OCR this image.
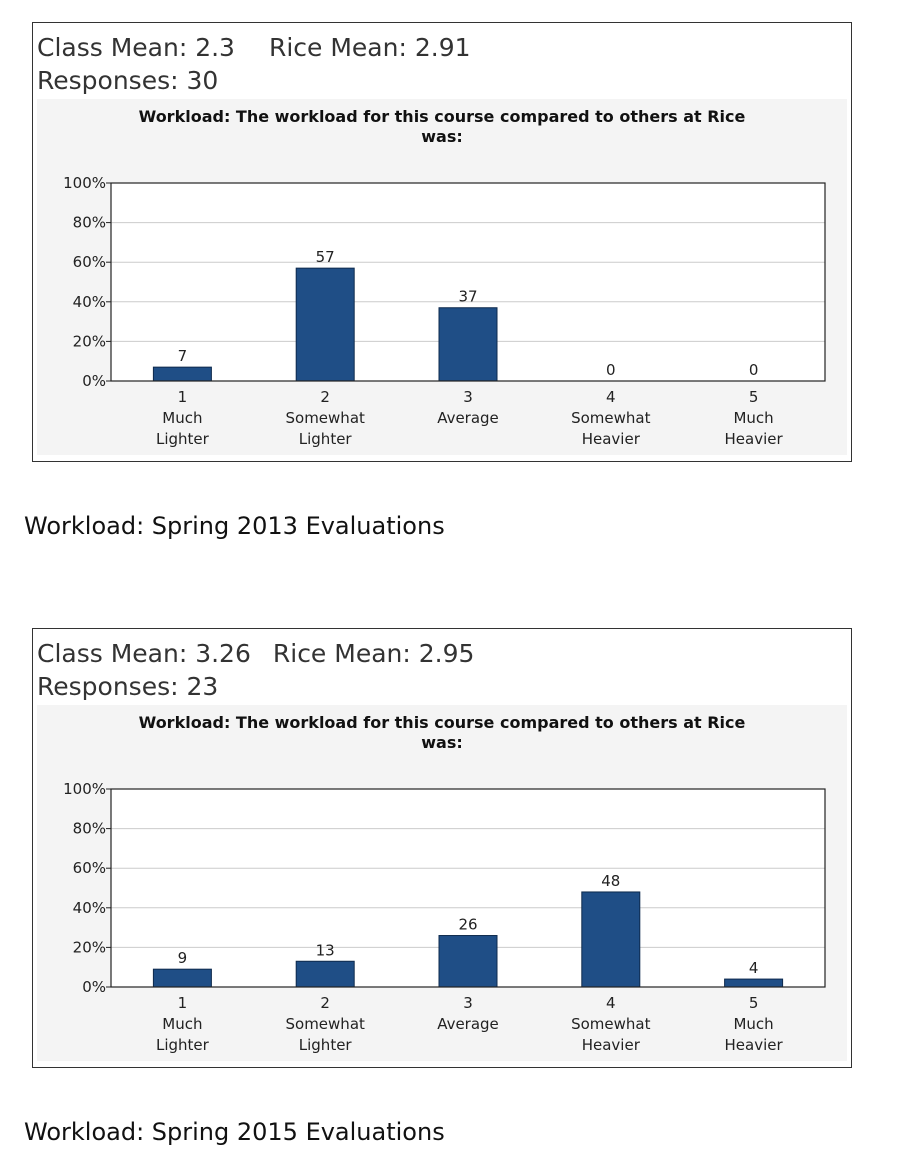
Class Mean: 2.3 Rice Mean: 2.91
Responses: 30
Workload: The workload for this course compared to others at Rice
was:
0%
20%
40%
60%
80%
100%
7
1
Much
Lighter
57
2
Somewhat
Lighter
37
3
Average
0
4
Somewhat
Heavier
0
5
Much
Heavier
Workload: Spring 2013 Evaluations
Class Mean: 3.26 Rice Mean: 2.95
Responses: 23
Workload: The workload for this course compared to others at Rice
was:
0%
20%
40%
60%
80%
100%
9
1
Much
Lighter
13
2
Somewhat
Lighter
26
3
Average
48
4
Somewhat
Heavier
4
5
Much
Heavier
Workload: Spring 2015 Evaluations
